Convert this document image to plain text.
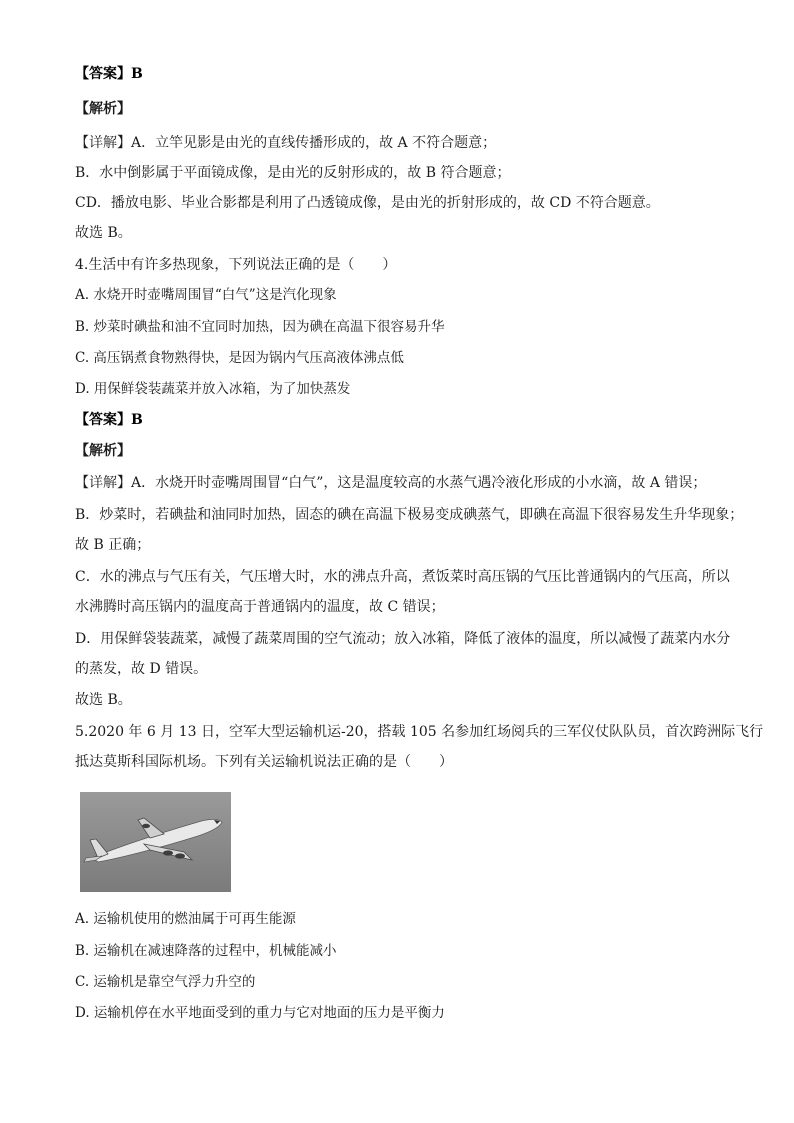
【答案】B
【解析】
【详解】A．立竿见影是由光的直线传播形成的，故 A 不符合题意；
B．水中倒影属于平面镜成像，是由光的反射形成的，故 B 符合题意；
CD．播放电影、毕业合影都是利用了凸透镜成像，是由光的折射形成的，故 CD 不符合题意。
故选 B。
4.生活中有许多热现象，下列说法正确的是（　　）
A. 水烧开时壶嘴周围冒“白气”这是汽化现象
B. 炒菜时碘盐和油不宜同时加热，因为碘在高温下很容易升华
C. 高压锅煮食物熟得快，是因为锅内气压高液体沸点低
D. 用保鲜袋装蔬菜并放入冰箱，为了加快蒸发
【答案】B
【解析】
【详解】A．水烧开时壶嘴周围冒“白气”，这是温度较高的水蒸气遇冷液化形成的小水滴，故 A 错误；
B．炒菜时，若碘盐和油同时加热，固态的碘在高温下极易变成碘蒸气，即碘在高温下很容易发生升华现象；
故 B 正确；
C．水的沸点与气压有关，气压增大时，水的沸点升高，煮饭菜时高压锅的气压比普通锅内的气压高，所以
水沸腾时高压锅内的温度高于普通锅内的温度，故 C 错误；
D．用保鲜袋装蔬菜，减慢了蔬菜周围的空气流动；放入冰箱，降低了液体的温度，所以减慢了蔬菜内水分
的蒸发，故 D 错误。
故选 B。
5.2020 年 6 月 13 日，空军大型运输机运-20，搭载 105 名参加红场阅兵的三军仪仗队队员，首次跨洲际飞行
抵达莫斯科国际机场。下列有关运输机说法正确的是（　　）
A. 运输机使用的燃油属于可再生能源
B. 运输机在减速降落的过程中，机械能减小
C. 运输机是靠空气浮力升空的
D. 运输机停在水平地面受到的重力与它对地面的压力是平衡力
